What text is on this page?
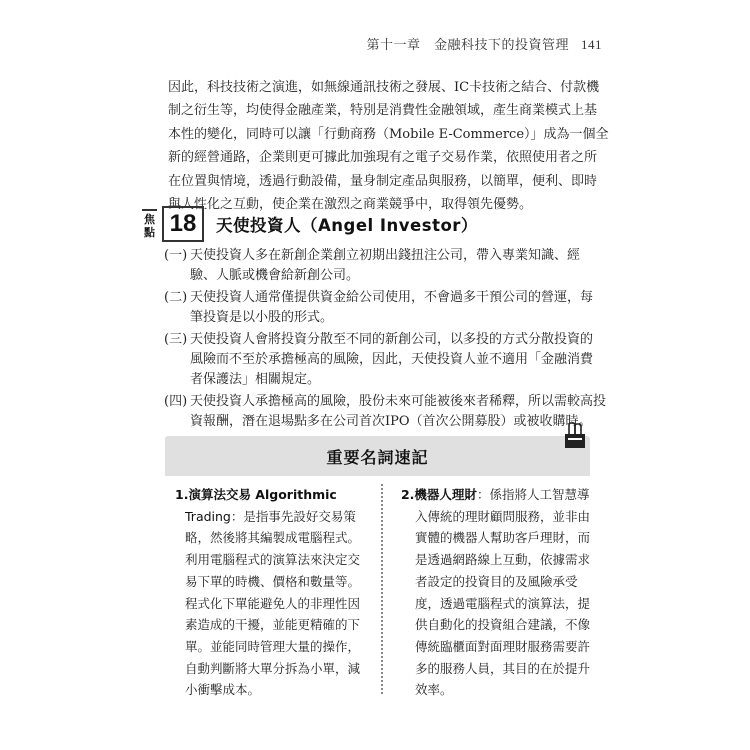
第十一章　金融科技下的投資管理 141

因此，科技技術之演進，如無線通訊技術之發展、IC卡技術之結合、付款機

制之衍生等，均使得金融產業，特別是消費性金融領域，產生商業模式上基

本性的變化，同時可以讓「行動商務（Mobile E-Commerce）」成為一個全

新的經營通路，企業則更可據此加強現有之電子交易作業，依照使用者之所

在位置與情境，透過行動設備，量身制定產品與服務，以簡單，便利、即時

與人性化之互動，使企業在激烈之商業競爭中，取得領先優勢。

焦點 18	天使投資人（Angel Investor）
(一) 天使投資人多在新創企業創立初期出錢扭注公司，帶入專業知識、經
驗、人脈或機會給新創公司。
(二) 天使投資人通常僅提供資金給公司使用，不會過多干預公司的營運，每
筆投資是以小股的形式。
(三) 天使投資人會將投資分散至不同的新創公司，以多投的方式分散投資的
風險而不至於承擔極高的風險，因此，天使投資人並不適用「金融消費
者保護法」相關規定。
(四) 天使投資人承擔極高的風險，股份未來可能被後來者稀釋，所以需較高投
資報酬，潛在退場點多在公司首次IPO（首次公開募股）或被收購時。
重要名詞速記
1.演算法交易 Algorithmic
Trading：是指事先設好交易策
略，然後將其編製成電腦程式。
利用電腦程式的演算法來決定交
易下單的時機、價格和數量等。
程式化下單能避免人的非理性因
素造成的干擾，並能更精確的下
單。並能同時管理大量的操作，
自動判斷將大單分拆為小單，減
小衝擊成本。
2.機器人理財：係指將人工智慧導
入傳統的理財顧問服務，並非由
實體的機器人幫助客戶理財，而
是透過網路線上互動，依據需求
者設定的投資目的及風險承受
度，透過電腦程式的演算法，提
供自動化的投資組合建議，不像
傳統臨櫃面對面理財服務需要許
多的服務人員，其目的在於提升
效率。
